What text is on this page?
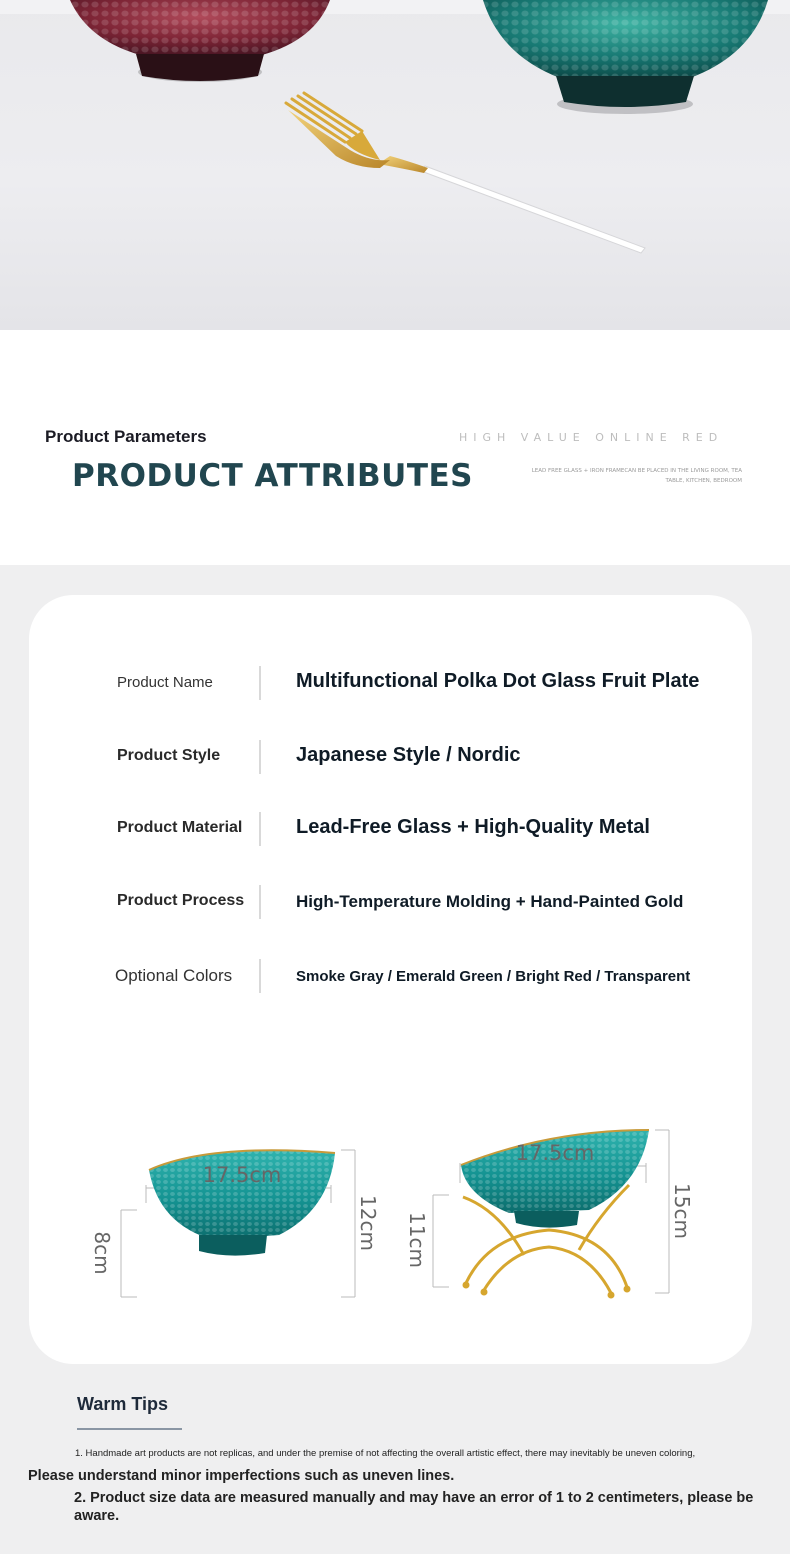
Product Parameters
PRODUCT ATTRIBUTES
HIGH VALUE ONLINE RED
LEAD FREE GLASS + IRON FRAMECAN BE PLACED IN THE LIVING ROOM, TEA TABLE, KITCHEN, BEDROOM
Product Name	Multifunctional Polka Dot Glass Fruit Plate
Product Style	Japanese Style / Nordic
Product Material	Lead-Free Glass + High-Quality Metal
Product Process	High-Temperature Molding + Hand-Painted Gold
Optional Colors	Smoke Gray / Emerald Green / Bright Red / Transparent
17.5cm
8cm
12cm
17.5cm
11cm
15cm
Warm Tips
1. Handmade art products are not replicas, and under the premise of not affecting the overall artistic effect, there may inevitably be uneven coloring,
Please understand minor imperfections such as uneven lines.
2. Product size data are measured manually and may have an error of 1 to 2 centimeters, please be aware.
